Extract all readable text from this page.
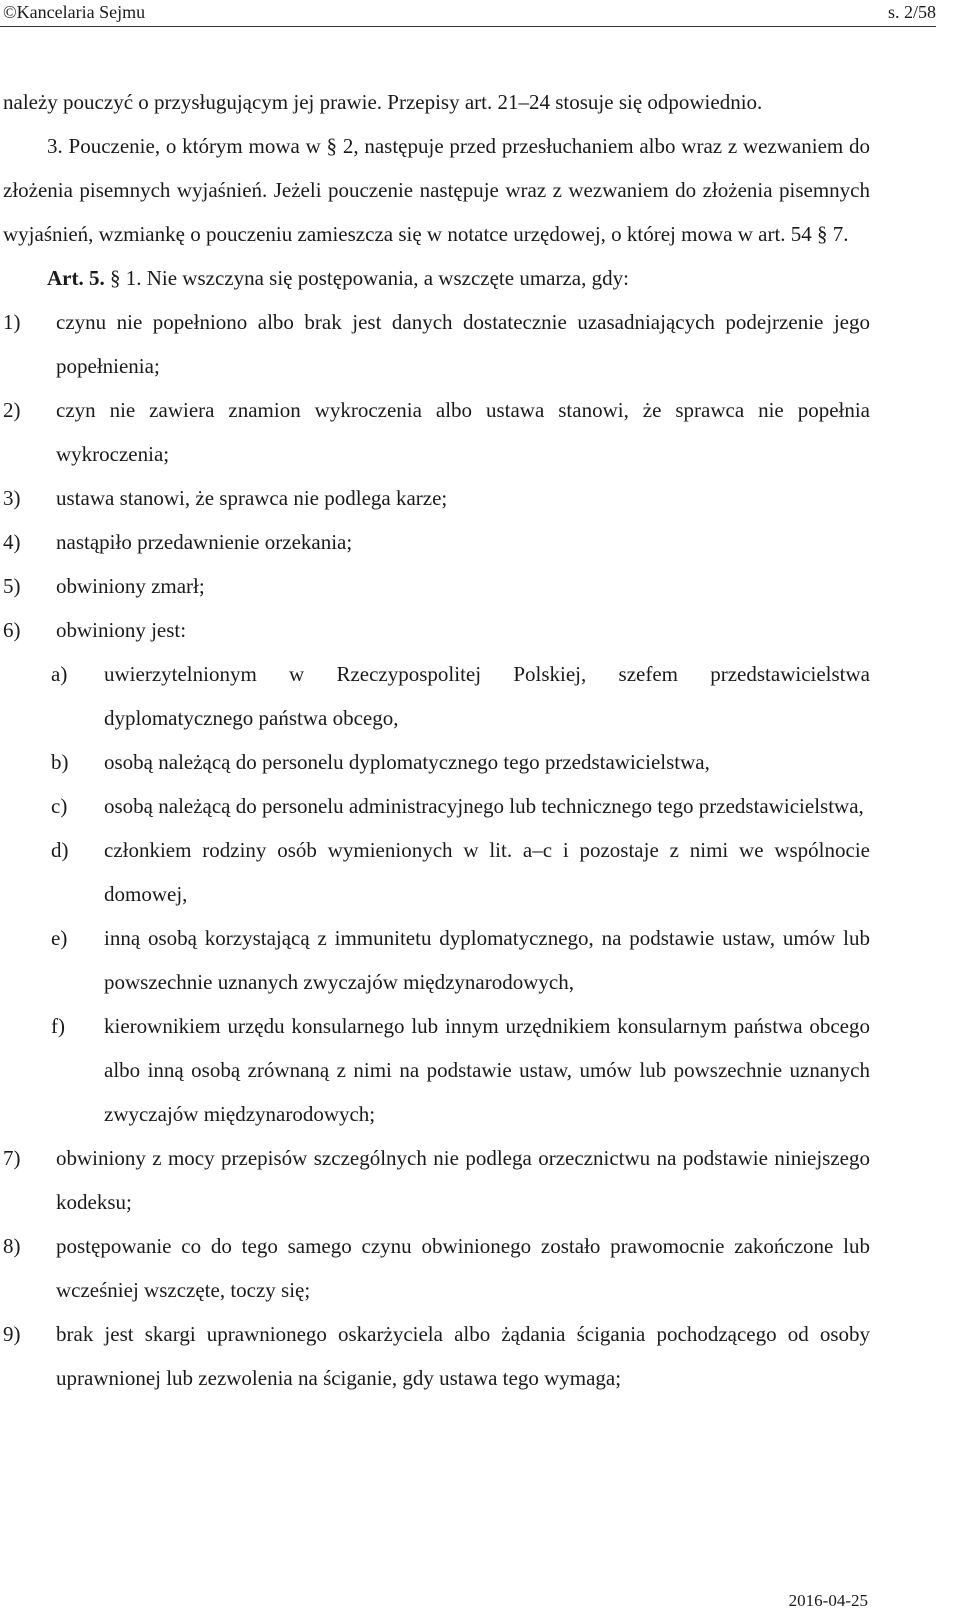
©Kancelaria Sejmu	s. 2/58

należy pouczyć o przysługującym jej prawie. Przepisy art. 21–24 stosuje się odpowiednio.

3. Pouczenie, o którym mowa w § 2, następuje przed przesłuchaniem albo wraz z wezwaniem do złożenia pisemnych wyjaśnień. Jeżeli pouczenie następuje wraz z wezwaniem do złożenia pisemnych wyjaśnień, wzmiankę o pouczeniu zamieszcza się w notatce urzędowej, o której mowa w art. 54 § 7.

Art. 5. § 1. Nie wszczyna się postępowania, a wszczęte umarza, gdy:

1)	czynu nie popełniono albo brak jest danych dostatecznie uzasadniających podejrzenie jego popełnienia;
2)	czyn nie zawiera znamion wykroczenia albo ustawa stanowi, że sprawca nie popełnia wykroczenia;
3)	ustawa stanowi, że sprawca nie podlega karze;
4)	nastąpiło przedawnienie orzekania;
5)	obwiniony zmarł;
6)	obwiniony jest:
a)	uwierzytelnionym w Rzeczypospolitej Polskiej, szefem przedstawicielstwa dyplomatycznego państwa obcego,
b)	osobą należącą do personelu dyplomatycznego tego przedstawicielstwa,
c)	osobą należącą do personelu administracyjnego lub technicznego tego przedstawicielstwa,
d)	członkiem rodziny osób wymienionych w lit. a–c i pozostaje z nimi we wspólnocie domowej,
e)	inną osobą korzystającą z immunitetu dyplomatycznego, na podstawie ustaw, umów lub powszechnie uznanych zwyczajów międzynarodowych,
f)	kierownikiem urzędu konsularnego lub innym urzędnikiem konsularnym państwa obcego albo inną osobą zrównaną z nimi na podstawie ustaw, umów lub powszechnie uznanych zwyczajów międzynarodowych;
7)	obwiniony z mocy przepisów szczególnych nie podlega orzecznictwu na podstawie niniejszego kodeksu;
8)	postępowanie co do tego samego czynu obwinionego zostało prawomocnie zakończone lub wcześniej wszczęte, toczy się;
9)	brak jest skargi uprawnionego oskarżyciela albo żądania ścigania pochodzącego od osoby uprawnionej lub zezwolenia na ściganie, gdy ustawa tego wymaga;
2016-04-25
